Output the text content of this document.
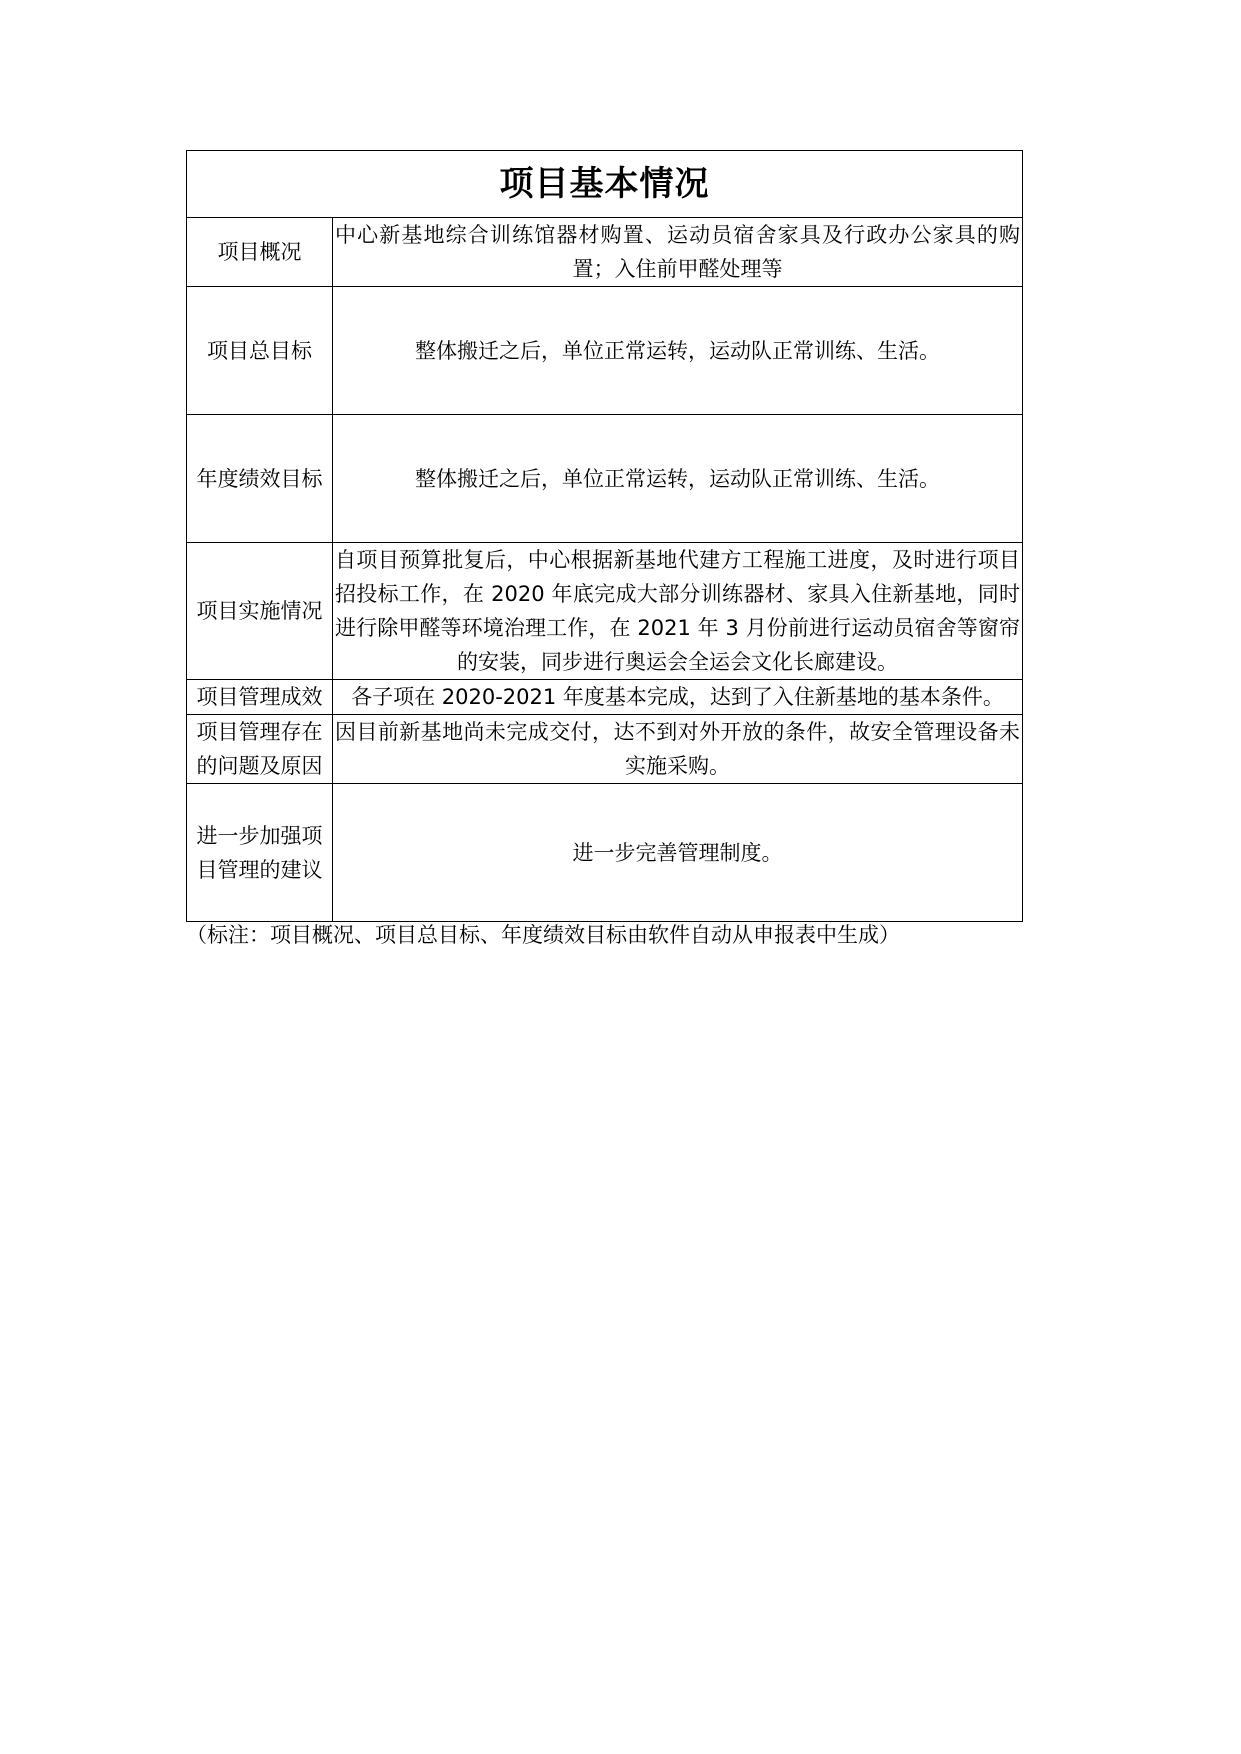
项目基本情况	
项目概况	中心新基地综合训练馆器材购置、运动员宿舍家具及行政办公家具的购置；入住前甲醛处理等
项目总目标	整体搬迁之后，单位正常运转，运动队正常训练、生活。
年度绩效目标	整体搬迁之后，单位正常运转，运动队正常训练、生活。
项目实施情况	自项目预算批复后，中心根据新基地代建方工程施工进度，及时进行项目招投标工作，在 2020 年底完成大部分训练器材、家具入住新基地，同时进行除甲醛等环境治理工作，在 2021 年 3 月份前进行运动员宿舍等窗帘的安装，同步进行奥运会全运会文化长廊建设。
项目管理成效	各子项在 2020-2021 年度基本完成，达到了入住新基地的基本条件。
项目管理存在的问题及原因	因目前新基地尚未完成交付，达不到对外开放的条件，故安全管理设备未实施采购。
进一步加强项目管理的建议	进一步完善管理制度。
（标注：项目概况、项目总目标、年度绩效目标由软件自动从申报表中生成）
